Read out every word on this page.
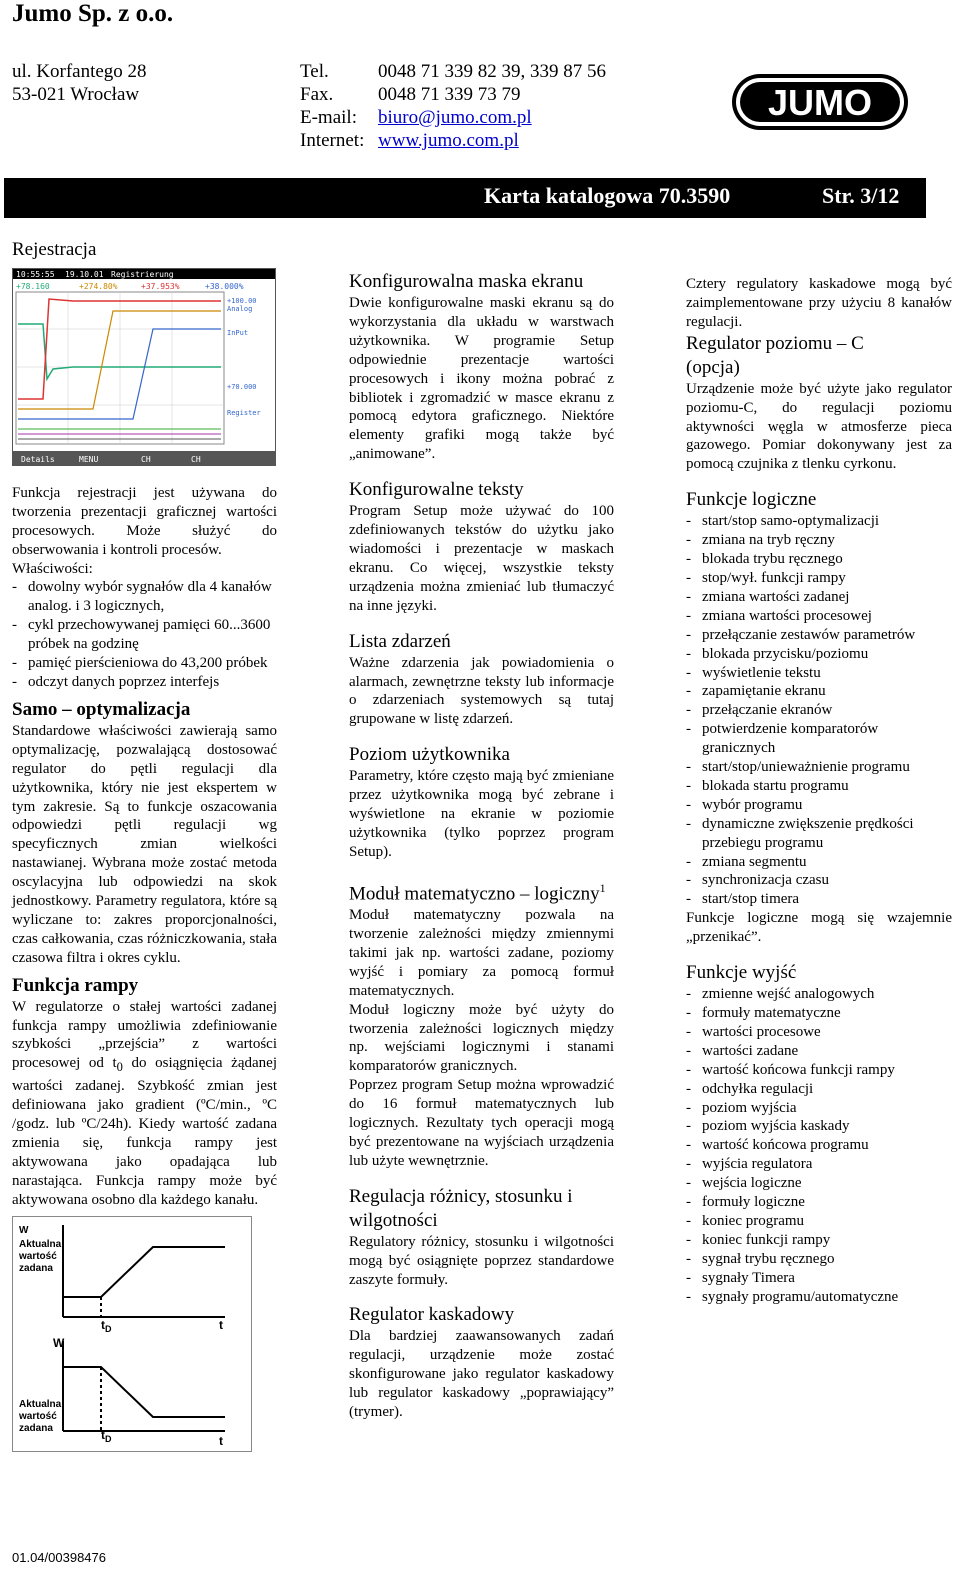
Jumo Sp. z o.o.
ul. Korfantego 28
53-021 Wrocław
Tel.	0048 71 339 82 39, 339 87 56
Fax. 0048 71 339 73 79
E-mail: biuro@jumo.com.pl
Internet: www.jumo.com.pl
JUMO
Karta katalogowa 70.3590	Str. 3/12
Rejestracja
10:55:55 19.10.01 Registrierung
+78.160	+274.80%	+37.953%	+38.000%
+100.00
Analog
InPut
+70.000
Register
Details	MENU	CH	CH

Funkcja rejestracji jest używana do tworzenia prezentacji graficznej wartości procesowych. Może służyć do obserwowania i kontroli procesów.

Właściwości:

- dowolny wybór sygnałów dla 4 kanałów analog. i 3 logicznych,
- cykl przechowywanej pamięci 60...3600 próbek na godzinę
- pamięć pierścieniowa do 43,200 próbek
- odczyt danych poprzez interfejs
Samo – optymalizacja

Standardowe właściwości zawierają samo optymalizację, pozwalającą dostosować regulator do pętli regulacji dla użytkownika, który nie jest ekspertem w tym zakresie. Są to funkcje oszacowania odpowiedzi pętli regulacji wg specyficznych zmian wielkości nastawianej. Wybrana może zostać metoda oscylacyjna lub odpowiedzi na skok jednostkowy. Parametry regulatora, które są wyliczane to: zakres proporcjonalności, czas całkowania, czas różniczkowania, stała czasowa filtra i okres cyklu.

Funkcja rampy

W regulatorze o stałej wartości zadanej funkcja rampy umożliwia zdefiniowanie szybkości „przejścia” z wartości procesowej od $t_0$ do osiągnięcia żądanej wartości zadanej. Szybkość zmian jest definiowana jako gradient (ºC/min., ºC /godz. lub ºC/24h). Kiedy wartość zadana zmienia się, funkcja rampy jest aktywowana jako opadająca lub narastająca. Funkcja rampy może być aktywowana osobno dla każdego kanału.

W
Aktualna
wartość
zadana
t
$t_D$
W
Aktualna
wartość
zadana
t
$t_D$
Konfigurowalna maska ekranu

Dwie konfigurowalne maski ekranu są do wykorzystania dla układu w warstwach użytkownika. W programie Setup odpowiednie prezentacje wartości procesowych i ikony można pobrać z bibliotek i zgromadzić w masce ekranu z pomocą edytora graficznego. Niektóre elementy grafiki mogą także być „animowane”.

Konfigurowalne teksty

Program Setup może używać do 100 zdefiniowanych tekstów do użytku jako wiadomości i prezentacje w maskach ekranu. Co więcej, wszystkie teksty urządzenia można zmieniać lub tłumaczyć na inne języki.

Lista zdarzeń

Ważne zdarzenia jak powiadomienia o alarmach, zewnętrzne teksty lub informacje o zdarzeniach systemowych są tutaj grupowane w listę zdarzeń.

Poziom użytkownika

Parametry, które często mają być zmieniane przez użytkownika mogą być zebrane i wyświetlone na ekranie w poziomie użytkownika (tylko poprzez program Setup).

Moduł matematyczno – logiczny$^1$

Moduł matematyczny pozwala na tworzenie zależności między zmiennymi takimi jak np. wartości zadane, poziomy wyjść i pomiary za pomocą formuł matematycznych.

Moduł logiczny może być użyty do tworzenia zależności logicznych między np. wejściami logicznymi i stanami komparatorów granicznych.

Poprzez program Setup można wprowadzić do 16 formuł matematycznych lub logicznych. Rezultaty tych operacji mogą być prezentowane na wyjściach urządzenia lub użyte wewnętrznie.

Regulacja różnicy, stosunku i wilgotności

Regulatory różnicy, stosunku i wilgotności mogą być osiągnięte poprzez standardowe zaszyte formuły.

Regulator kaskadowy

Dla bardziej zaawansowanych zadań regulacji, urządzenie może zostać skonfigurowane jako regulator kaskadowy lub regulator kaskadowy „poprawiający” (trymer).

Cztery regulatory kaskadowe mogą być zaimplementowane przy użyciu 8 kanałów regulacji.

Regulator poziomu – C
(opcja)

Urządzenie może być użyte jako regulator poziomu-C, do regulacji poziomu aktywności węgla w atmosferze pieca gazowego. Pomiar dokonywany jest za pomocą czujnika z tlenku cyrkonu.

Funkcje logiczne
- start/stop samo-optymalizacji
- zmiana na tryb ręczny
- blokada trybu ręcznego
- stop/wył. funkcji rampy
- zmiana wartości zadanej
- zmiana wartości procesowej
- przełączanie zestawów parametrów
- blokada przycisku/poziomu
- wyświetlenie tekstu
- zapamiętanie ekranu
- przełączanie ekranów
- potwierdzenie komparatorów granicznych
- start/stop/unieważnienie programu
- blokada startu programu
- wybór programu
- dynamiczne zwiększenie prędkości przebiegu programu
- zmiana segmentu
- synchronizacja czasu
- start/stop timera

Funkcje logiczne mogą się wzajemnie „przenikać”.

Funkcje wyjść
- zmienne wejść analogowych
- formuły matematyczne
- wartości procesowe
- wartości zadane
- wartość końcowa funkcji rampy
- odchyłka regulacji
- poziom wyjścia
- poziom wyjścia kaskady
- wartość końcowa programu
- wyjścia regulatora
- wejścia logiczne
- formuły logiczne
- koniec programu
- koniec funkcji rampy
- sygnał trybu ręcznego
- sygnały Timera
- sygnały programu/automatyczne
01.04/00398476
